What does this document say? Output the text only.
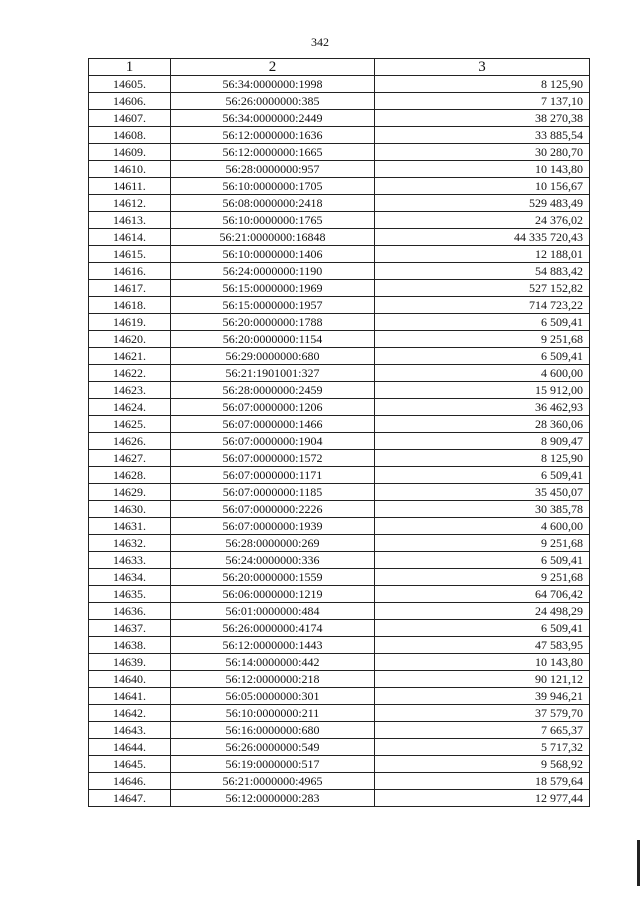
342
1	2	3
14605.	56:34:0000000:1998	8 125,90
14606.	56:26:0000000:385	7 137,10
14607.	56:34:0000000:2449	38 270,38
14608.	56:12:0000000:1636	33 885,54
14609.	56:12:0000000:1665	30 280,70
14610.	56:28:0000000:957	10 143,80
14611.	56:10:0000000:1705	10 156,67
14612.	56:08:0000000:2418	529 483,49
14613.	56:10:0000000:1765	24 376,02
14614.	56:21:0000000:16848	44 335 720,43
14615.	56:10:0000000:1406	12 188,01
14616.	56:24:0000000:1190	54 883,42
14617.	56:15:0000000:1969	527 152,82
14618.	56:15:0000000:1957	714 723,22
14619.	56:20:0000000:1788	6 509,41
14620.	56:20:0000000:1154	9 251,68
14621.	56:29:0000000:680	6 509,41
14622.	56:21:1901001:327	4 600,00
14623.	56:28:0000000:2459	15 912,00
14624.	56:07:0000000:1206	36 462,93
14625.	56:07:0000000:1466	28 360,06
14626.	56:07:0000000:1904	8 909,47
14627.	56:07:0000000:1572	8 125,90
14628.	56:07:0000000:1171	6 509,41
14629.	56:07:0000000:1185	35 450,07
14630.	56:07:0000000:2226	30 385,78
14631.	56:07:0000000:1939	4 600,00
14632.	56:28:0000000:269	9 251,68
14633.	56:24:0000000:336	6 509,41
14634.	56:20:0000000:1559	9 251,68
14635.	56:06:0000000:1219	64 706,42
14636.	56:01:0000000:484	24 498,29
14637.	56:26:0000000:4174	6 509,41
14638.	56:12:0000000:1443	47 583,95
14639.	56:14:0000000:442	10 143,80
14640.	56:12:0000000:218	90 121,12
14641.	56:05:0000000:301	39 946,21
14642.	56:10:0000000:211	37 579,70
14643.	56:16:0000000:680	7 665,37
14644.	56:26:0000000:549	5 717,32
14645.	56:19:0000000:517	9 568,92
14646.	56:21:0000000:4965	18 579,64
14647.	56:12:0000000:283	12 977,44
